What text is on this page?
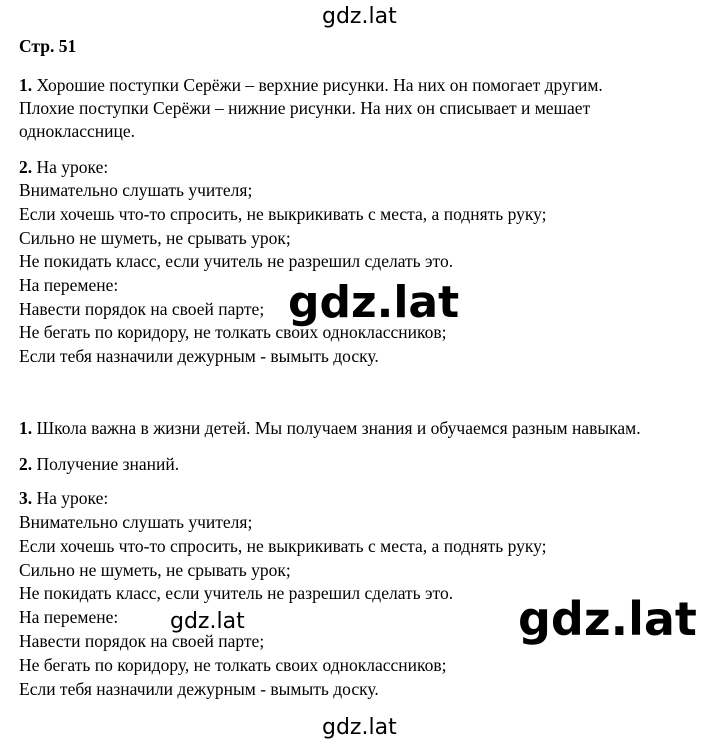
gdz.lat
Стр. 51
1. Хорошие поступки Серёжи – верхние рисунки. На них он помогает другим.
Плохие поступки Серёжи – нижние рисунки. На них он списывает и мешает
однокласснице.
2. На уроке:
Внимательно слушать учителя;
Если хочешь что-то спросить, не выкрикивать с места, а поднять руку;
Сильно не шуметь, не срывать урок;
Не покидать класс, если учитель не разрешил сделать это.
На перемене:
Навести порядок на своей парте;
Не бегать по коридору, не толкать своих одноклассников;
Если тебя назначили дежурным - вымыть доску.
gdz.lat
1. Школа важна в жизни детей. Мы получаем знания и обучаемся разным навыкам.
2. Получение знаний.
3. На уроке:
Внимательно слушать учителя;
Если хочешь что-то спросить, не выкрикивать с места, а поднять руку;
Сильно не шуметь, не срывать урок;
Не покидать класс, если учитель не разрешил сделать это.
На перемене:
Навести порядок на своей парте;
Не бегать по коридору, не толкать своих одноклассников;
Если тебя назначили дежурным - вымыть доску.
gdz.lat	gdz.lat
gdz.lat
